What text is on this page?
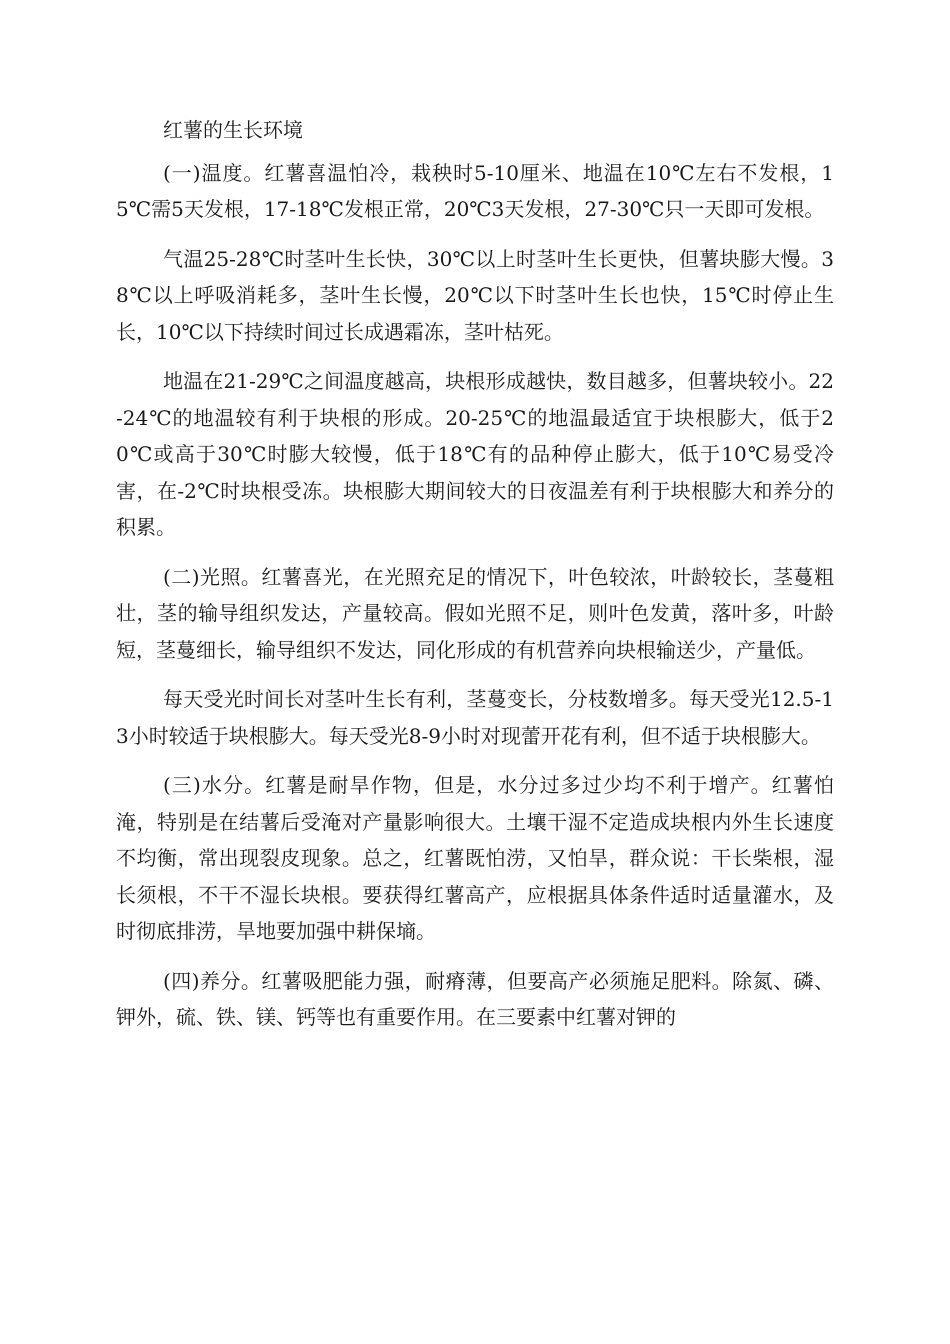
红薯的生长环境

(一)温度。红薯喜温怕冷，栽秧时5-10厘米、地温在10℃左右不发根，15℃需5天发根，17-18℃发根正常，20℃3天发根，27-30℃只一天即可发根。

气温25-28℃时茎叶生长快，30℃以上时茎叶生长更快，但薯块膨大慢。38℃以上呼吸消耗多，茎叶生长慢，20℃以下时茎叶生长也快，15℃时停止生长，10℃以下持续时间过长成遇霜冻，茎叶枯死。

地温在21-29℃之间温度越高，块根形成越快，数目越多，但薯块较小。22-24℃的地温较有利于块根的形成。20-25℃的地温最适宜于块根膨大，低于20℃或高于30℃时膨大较慢，低于18℃有的品种停止膨大，低于10℃易受冷害，在-2℃时块根受冻。块根膨大期间较大的日夜温差有利于块根膨大和养分的积累。

(二)光照。红薯喜光，在光照充足的情况下，叶色较浓，叶龄较长，茎蔓粗壮，茎的输导组织发达，产量较高。假如光照不足，则叶色发黄，落叶多，叶龄短，茎蔓细长，输导组织不发达，同化形成的有机营养向块根输送少，产量低。

每天受光时间长对茎叶生长有利，茎蔓变长，分枝数增多。每天受光12.5-13小时较适于块根膨大。每天受光8-9小时对现蕾开花有利，但不适于块根膨大。

(三)水分。红薯是耐旱作物，但是，水分过多过少均不利于增产。红薯怕淹，特别是在结薯后受淹对产量影响很大。土壤干湿不定造成块根内外生长速度不均衡，常出现裂皮现象。总之，红薯既怕涝，又怕旱，群众说：干长柴根，湿长须根，不干不湿长块根。要获得红薯高产，应根据具体条件适时适量灌水，及时彻底排涝，旱地要加强中耕保墒。

(四)养分。红薯吸肥能力强，耐瘠薄，但要高产必须施足肥料。除氮、磷、钾外，硫、铁、镁、钙等也有重要作用。在三要素中红薯对钾的
